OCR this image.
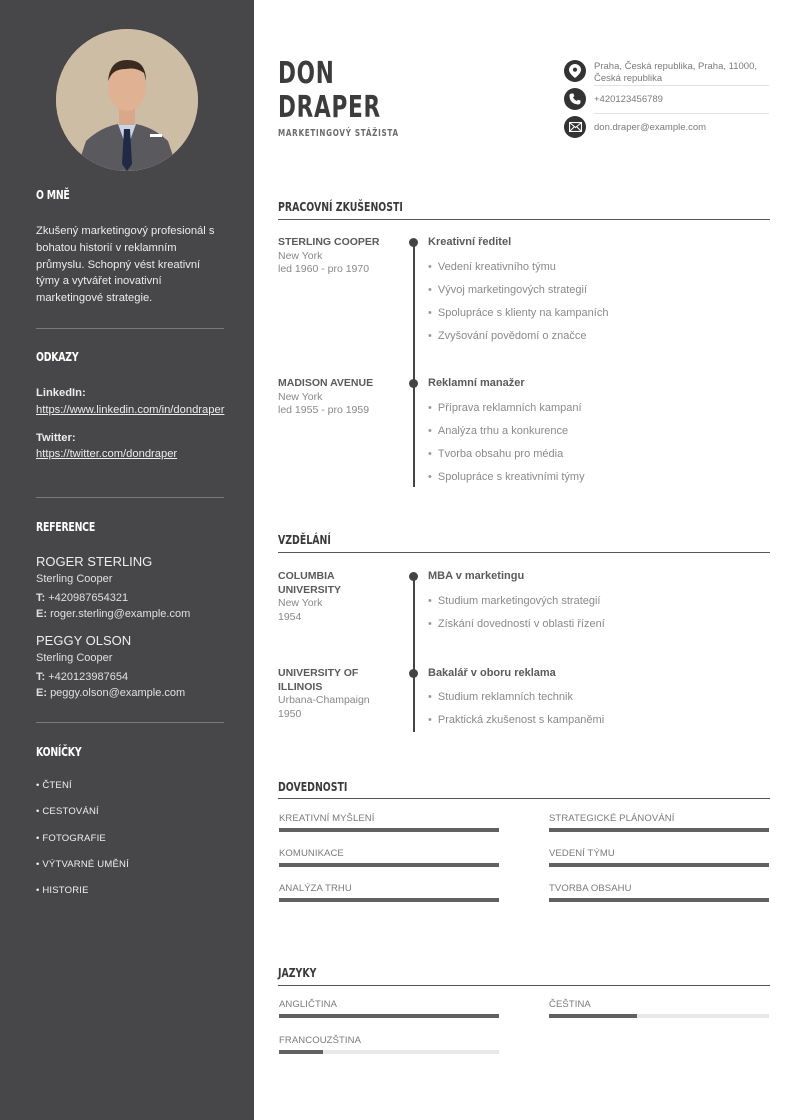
O MNĚ
Zkušený marketingový profesionál s bohatou historií v reklamním průmyslu. Schopný vést kreativní týmy a vytvářet inovativní marketingové strategie.
ODKAZY
LinkedIn:
https://www.linkedin.com/in/dondraper
Twitter:
https://twitter.com/dondraper
REFERENCE
ROGER STERLING
Sterling Cooper
T: +420987654321
E: roger.sterling@example.com
PEGGY OLSON
Sterling Cooper
T: +420123987654
E: peggy.olson@example.com
KONÍČKY
• ČTENÍ
• CESTOVÁNÍ
• FOTOGRAFIE
• VÝTVARNÉ UMĚNÍ
• HISTORIE
DON
DRAPER
MARKETINGOVÝ STÁŽISTA
Praha, Česká republika, Praha, 11000, Česká republika
+420123456789
don.draper@example.com
PRACOVNÍ ZKUŠENOSTI
STERLING COOPER
New York
led 1960 - pro 1970
Kreativní ředitel
• Vedení kreativního týmu
• Vývoj marketingových strategií
• Spolupráce s klienty na kampaních
• Zvyšování povědomí o značce
MADISON AVENUE
New York
led 1955 - pro 1959
Reklamní manažer
• Příprava reklamních kampaní
• Analýza trhu a konkurence
• Tvorba obsahu pro média
• Spolupráce s kreativními týmy
VZDĚLÁNÍ
COLUMBIA
UNIVERSITY
New York
1954
MBA v marketingu
• Studium marketingových strategií
• Získání dovedností v oblasti řízení
UNIVERSITY OF
ILLINOIS
Urbana-Champaign
1950
Bakalář v oboru reklama
• Studium reklamních technik
• Praktická zkušenost s kampaněmi
DOVEDNOSTI
KREATIVNÍ MYŠLENÍ	STRATEGICKÉ PLÁNOVÁNÍ
KOMUNIKACE	VEDENÍ TÝMU
ANALÝZA TRHU	TVORBA OBSAHU
JAZYKY
ANGLIČTINA	ČEŠTINA
FRANCOUZŠTINA
